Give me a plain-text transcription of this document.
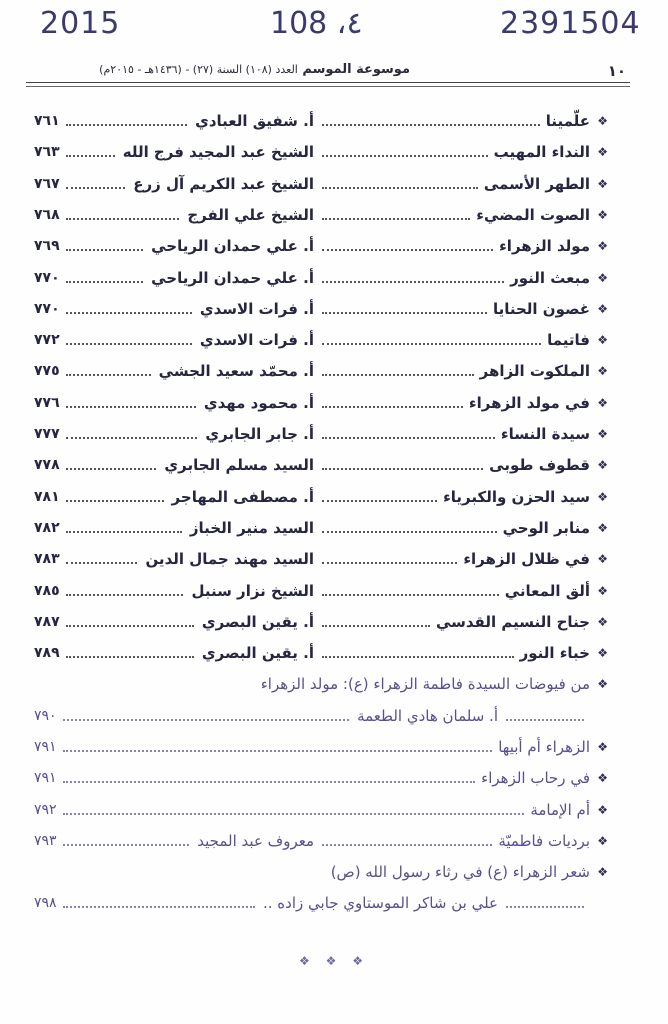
2015	108 ،٤	2391504
١٠
موسوعة الموسم العدد (١٠٨) السنة (٢٧) - (١٤٣٦هـ - ٢٠١٥م)
❖
علّمينا
أ. شفيق العبادي
٧٦١
❖
النداء المهيب
الشيخ عبد المجيد فرج الله
٧٦٣
❖
الطهر الأسمى
الشيخ عبد الكريم آل زرع
٧٦٧
❖
الصوت المضيء
الشيخ علي الفرج
٧٦٨
❖
مولد الزهراء
أ. علي حمدان الرياحي
٧٦٩
❖
مبعث النور
أ. علي حمدان الرياحي
٧٧٠
❖
غصون الحنايا
أ. فرات الاسدي
٧٧٠
❖
فاتيما
أ. فرات الاسدي
٧٧٢
❖
الملكوت الزاهر
أ. محمّد سعيد الجشي
٧٧٥
❖
في مولد الزهراء
أ. محمود مهدي
٧٧٦
❖
سيدة النساء
أ. جابر الجابري
٧٧٧
❖
قطوف طوبى
السيد مسلم الجابري
٧٧٨
❖
سيد الحزن والكبرياء
أ. مصطفى المهاجر
٧٨١
❖
منابر الوحي
السيد منير الخباز
٧٨٢
❖
في ظلال الزهراء
السيد مهند جمال الدين
٧٨٣
❖
ألق المعاني
الشيخ نزار سنبل
٧٨٥
❖
جناح النسيم القدسي
أ. يقين البصري
٧٨٧
❖
خباء النور
أ. يقين البصري
٧٨٩
❖
من فيوضات السيدة فاطمة الزهراء (ع): مولد الزهراء
أ. سلمان هادي الطعمة
٧٩٠
❖
الزهراء أم أبيها
٧٩١
❖
في رحاب الزهراء
٧٩١
❖
أم الإمامة
٧٩٢
❖
برديات فاطميّة
معروف عبد المجيد
٧٩٣
❖
شعر الزهراء (ع) في رثاء رسول الله (ص)
علي بن شاكر الموستاوي جابي زاده ..
٧٩٨
❖ ❖ ❖
